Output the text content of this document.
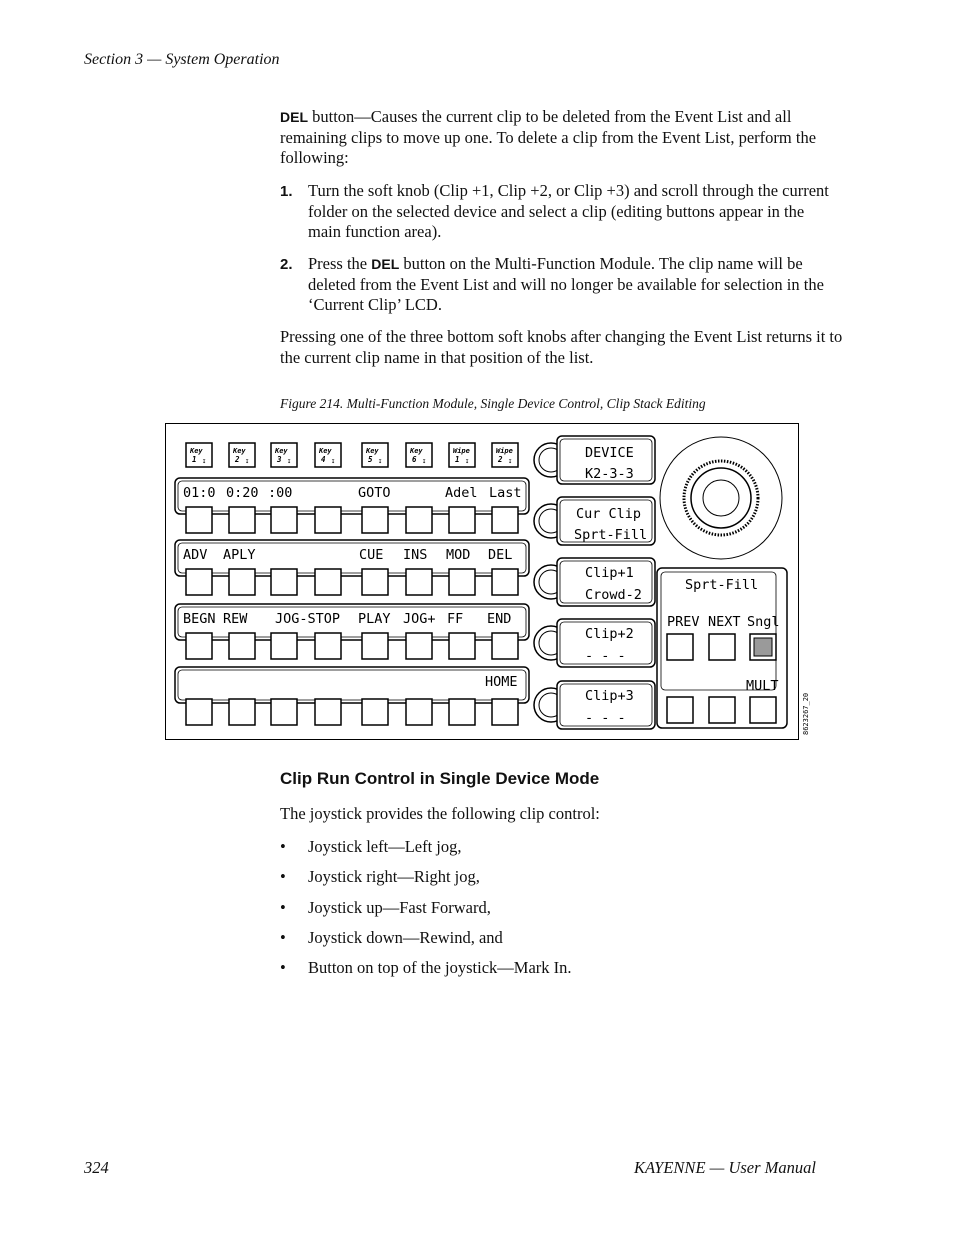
Section 3 — System Operation
DEL button—Causes the current clip to be deleted from the Event List and all remaining clips to move up one. To delete a clip from the Event List, perform the following:
1. Turn the soft knob (Clip +1, Clip +2, or Clip +3) and scroll through the current folder on the selected device and select a clip (editing buttons appear in the main function area).
2. Press the DEL button on the Multi-Function Module. The clip name will be deleted from the Event List and will no longer be available for selection in the ‘Current Clip’ LCD.
Pressing one of the three bottom soft knobs after changing the Event List returns it to the current clip name in that position of the list.
Figure 214. Multi-Function Module, Single Device Control, Clip Stack Editing
Key
1 ↧
Key
2 ↧
Key
3 ↧
Key
4 ↧
Key
5 ↧
Key
6 ↧
Wipe
1 ↧
Wipe
2 ↧
01:0 0:20 :00	GOTO	Adel Last
ADV APLY	CUE INS MOD DEL
BEGN REW JOG-STOP PLAY JOG+ FF END
HOME
DEVICE
K2-3-3
Cur Clip
Sprt-Fill
Clip+1
Crowd-2
Clip+2
- - -
Clip+3
- - -
Sprt-Fill
PREV NEXT Sngl
MULT
8623267_20
Clip Run Control in Single Device Mode
The joystick provides the following clip control:
• Joystick left—Left jog,
• Joystick right—Right jog,
• Joystick up—Fast Forward,
• Joystick down—Rewind, and
• Button on top of the joystick—Mark In.
324	KAYENNE — User Manual
